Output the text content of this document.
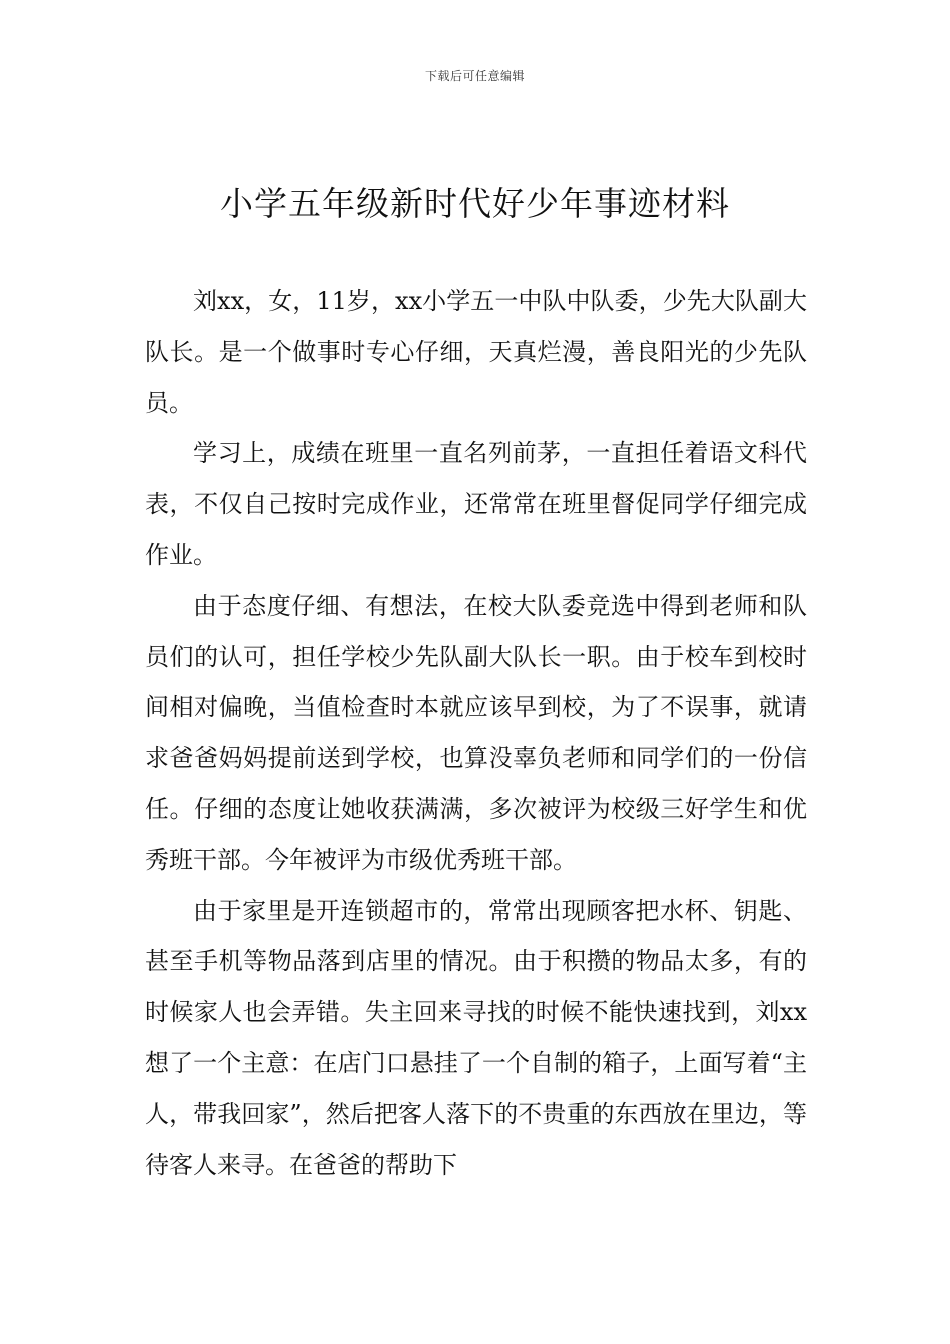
下载后可任意编辑
小学五年级新时代好少年事迹材料

刘xx，女，11岁，xx小学五一中队中队委，少先大队副大队长。是一个做事时专心仔细，天真烂漫，善良阳光的少先队员。

学习上，成绩在班里一直名列前茅，一直担任着语文科代表，不仅自己按时完成作业，还常常在班里督促同学仔细完成作业。

由于态度仔细、有想法，在校大队委竞选中得到老师和队员们的认可，担任学校少先队副大队长一职。由于校车到校时间相对偏晚，当值检查时本就应该早到校，为了不误事，就请求爸爸妈妈提前送到学校，也算没辜负老师和同学们的一份信任。仔细的态度让她收获满满，多次被评为校级三好学生和优秀班干部。今年被评为市级优秀班干部。

由于家里是开连锁超市的，常常出现顾客把水杯、钥匙、甚至手机等物品落到店里的情况。由于积攒的物品太多，有的时候家人也会弄错。失主回来寻找的时候不能快速找到，刘xx想了一个主意：在店门口悬挂了一个自制的箱子，上面写着“主人，带我回家”，然后把客人落下的不贵重的东西放在里边，等待客人来寻。在爸爸的帮助下
